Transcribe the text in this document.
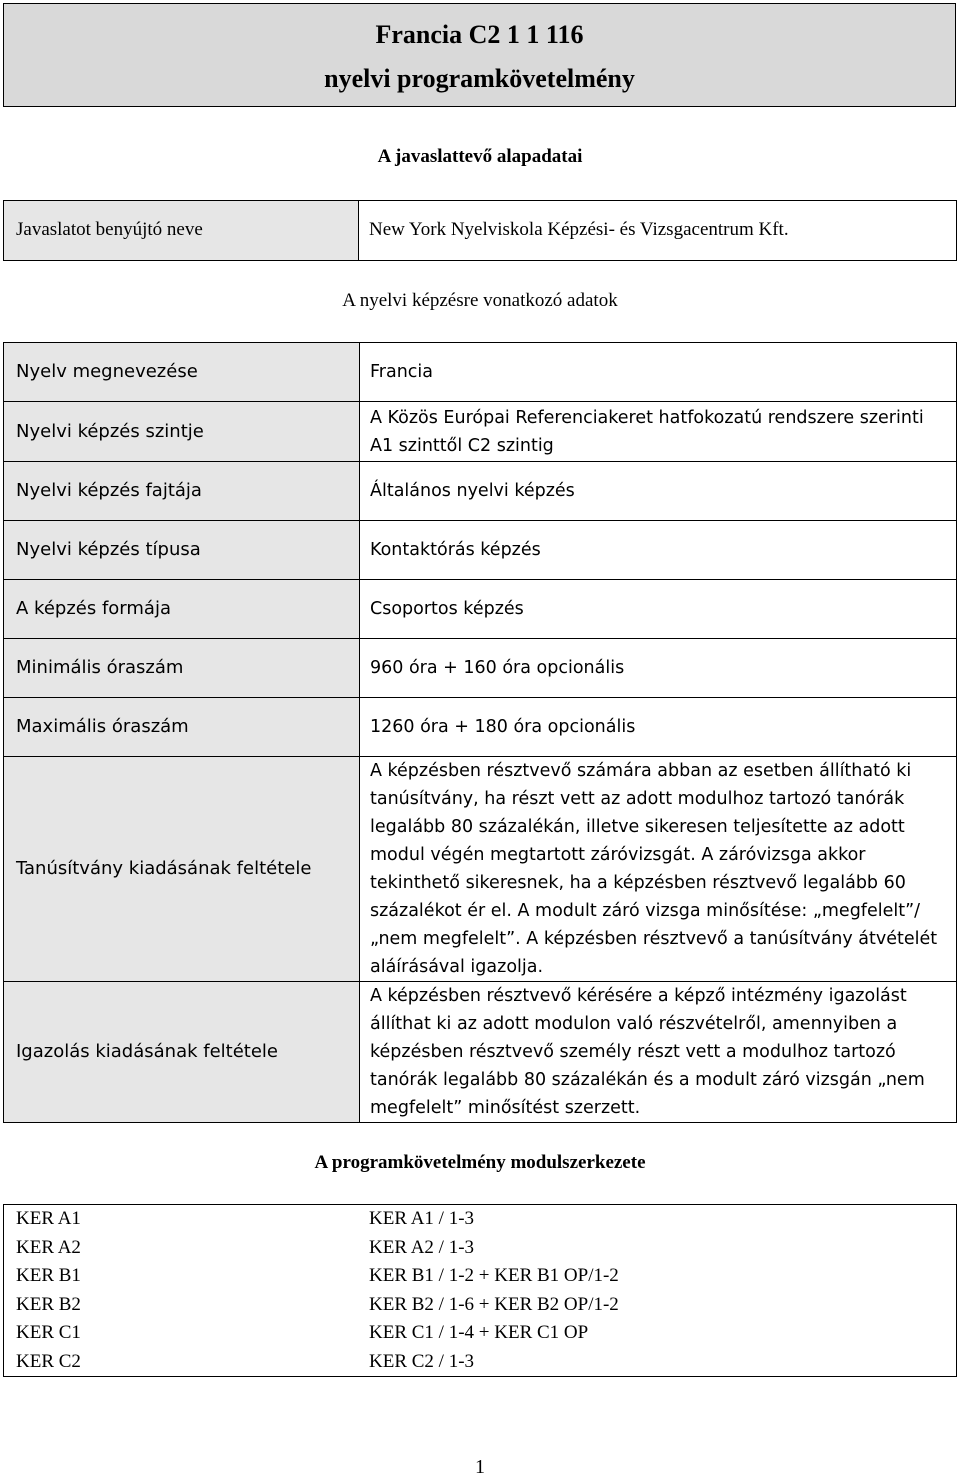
Francia C2 1 1 116
nyelvi programkövetelmény
A javaslattevő alapadatai
Javaslatot benyújtó neve	New York Nyelviskola Képzési- és Vizsgacentrum Kft.
A nyelvi képzésre vonatkozó adatok
Nyelv megnevezése	Francia
Nyelvi képzés szintje	A Közös Európai Referenciakeret hatfokozatú rendszere szerinti A1 szinttől C2 szintig
Nyelvi képzés fajtája	Általános nyelvi képzés
Nyelvi képzés típusa	Kontaktórás képzés
A képzés formája	Csoportos képzés
Minimális óraszám	960 óra + 160 óra opcionális
Maximális óraszám	1260 óra + 180 óra opcionális
Tanúsítvány kiadásának feltétele	A képzésben résztvevő számára abban az esetben állítható ki tanúsítvány, ha részt vett az adott modulhoz tartozó tanórák legalább 80 százalékán, illetve sikeresen teljesítette az adott modul végén megtartott záróvizsgát. A záróvizsga akkor tekinthető sikeresnek, ha a képzésben résztvevő legalább 60 százalékot ér el. A modult záró vizsga minősítése: „megfelelt”/ „nem megfelelt”. A képzésben résztvevő a tanúsítvány átvételét aláírásával igazolja.
Igazolás kiadásának feltétele	A képzésben résztvevő kérésére a képző intézmény igazolást állíthat ki az adott modulon való részvételről, amennyiben a képzésben résztvevő személy részt vett a modulhoz tartozó tanórák legalább 80 százalékán és a modult záró vizsgán „nem megfelelt” minősítést szerzett.
A programkövetelmény modulszerkezete
KER A1	KER A1 / 1-3
KER A2	KER A2 / 1-3
KER B1	KER B1 / 1-2 + KER B1 OP/1-2
KER B2	KER B2 / 1-6 + KER B2 OP/1-2
KER C1	KER C1 / 1-4 + KER C1 OP
KER C2	KER C2 / 1-3
1
